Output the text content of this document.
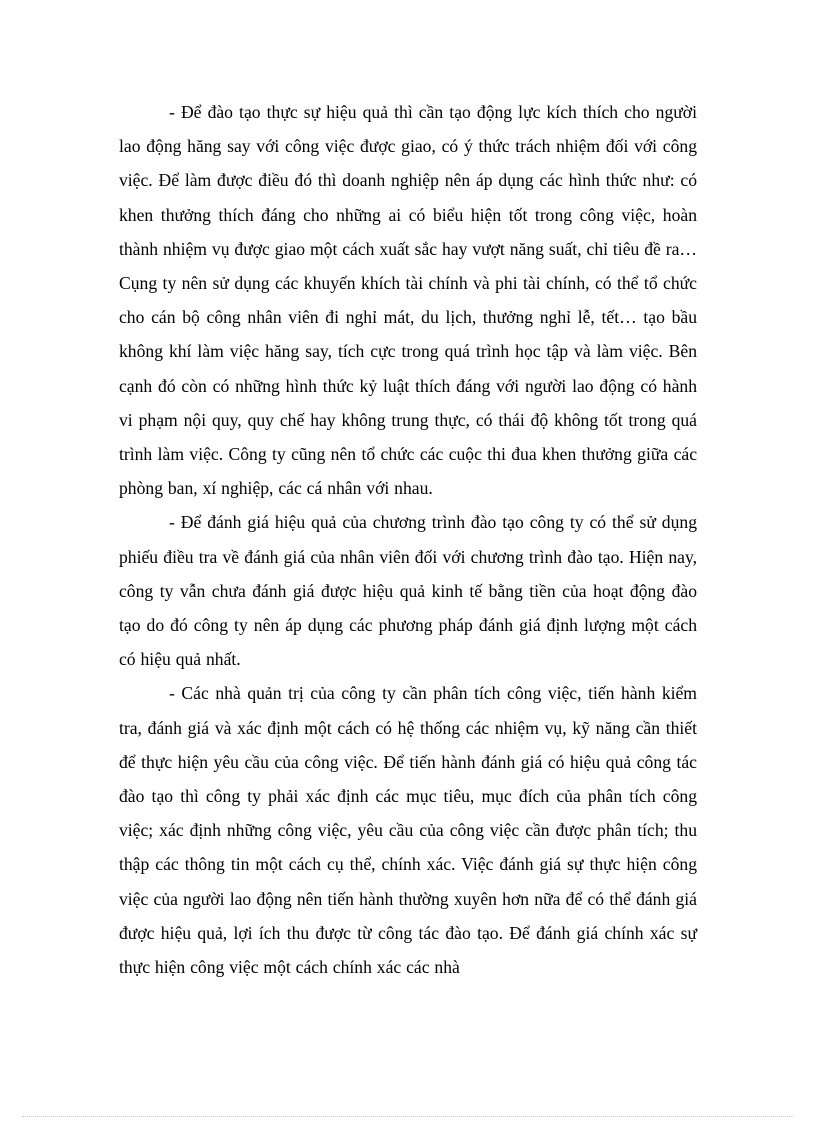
- Để đào tạo thực sự hiệu quả thì cần tạo động lực kích thích cho người lao động hăng say với công việc được giao, có ý thức trách nhiệm đối với công việc. Để làm được điều đó thì doanh nghiệp nên áp dụng các hình thức như: có khen thưởng thích đáng cho những ai có biểu hiện tốt trong công việc, hoàn thành nhiệm vụ được giao một cách xuất sắc hay vượt năng suất, chỉ tiêu đề ra…Cụng ty nên sử dụng các khuyến khích tài chính và phi tài chính, có thể tổ chức cho cán bộ công nhân viên đi nghỉ mát, du lịch, thưởng nghỉ lễ, tết… tạo bầu không khí làm việc hăng say, tích cực trong quá trình học tập và làm việc. Bên cạnh đó còn có những hình thức kỷ luật thích đáng với người lao động có hành vi phạm nội quy, quy chế hay không trung thực, có thái độ không tốt trong quá trình làm việc. Công ty cũng nên tổ chức các cuộc thi đua khen thưởng giữa các phòng ban, xí nghiệp, các cá nhân với nhau.

- Để đánh giá hiệu quả của chương trình đào tạo công ty có thể sử dụng phiếu điều tra về đánh giá của nhân viên đối với chương trình đào tạo. Hiện nay, công ty vẫn chưa đánh giá được hiệu quả kinh tế bằng tiền của hoạt động đào tạo do đó công ty nên áp dụng các phương pháp đánh giá định lượng một cách có hiệu quả nhất.

- Các nhà quản trị của công ty cần phân tích công việc, tiến hành kiểm tra, đánh giá và xác định một cách có hệ thống các nhiệm vụ, kỹ năng cần thiết để thực hiện yêu cầu của công việc. Để tiến hành đánh giá có hiệu quả công tác đào tạo thì công ty phải xác định các mục tiêu, mục đích của phân tích công việc; xác định những công việc, yêu cầu của công việc cần được phân tích; thu thập các thông tin một cách cụ thể, chính xác. Việc đánh giá sự thực hiện công việc của người lao động nên tiến hành thường xuyên hơn nữa để có thể đánh giá được hiệu quả, lợi ích thu được từ công tác đào tạo. Để đánh giá chính xác sự thực hiện công việc một cách chính xác các nhà
